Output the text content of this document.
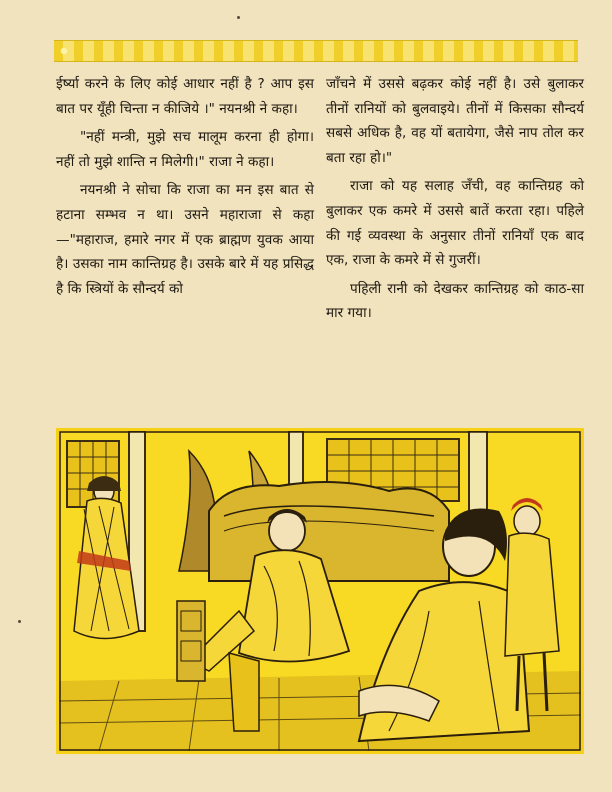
ईर्ष्या करने के लिए कोई आधार नहीं है ? आप इस बात पर यूँही चिन्ता न कीजिये ।" नयनश्री ने कहा।

"नहीं मन्त्री, मुझे सच मालूम करना ही होगा। नहीं तो मुझे शान्ति न मिलेगी।" राजा ने कहा।

नयनश्री ने सोचा कि राजा का मन इस बात से हटाना सम्भव न था। उसने महाराजा से कहा—"महाराज, हमारे नगर में एक ब्राह्मण युवक आया है। उसका नाम कान्तिग्रह है। उसके बारे में यह प्रसिद्ध है कि स्त्रियों के सौन्दर्य को

जाँचने में उससे बढ़कर कोई नहीं है। उसे बुलाकर तीनों रानियों को बुलवाइये। तीनों में किसका सौन्दर्य सबसे अधिक है, वह यों बतायेगा, जैसे नाप तोल कर बता रहा हो।"

राजा को यह सलाह जँची, वह कान्तिग्रह को बुलाकर एक कमरे में उससे बातें करता रहा। पहिले की गई व्यवस्था के अनुसार तीनों रानियाँ एक बाद एक, राजा के कमरे में से गुजरीं।

पहिली रानी को देखकर कान्तिग्रह को काठ-सा मार गया।
